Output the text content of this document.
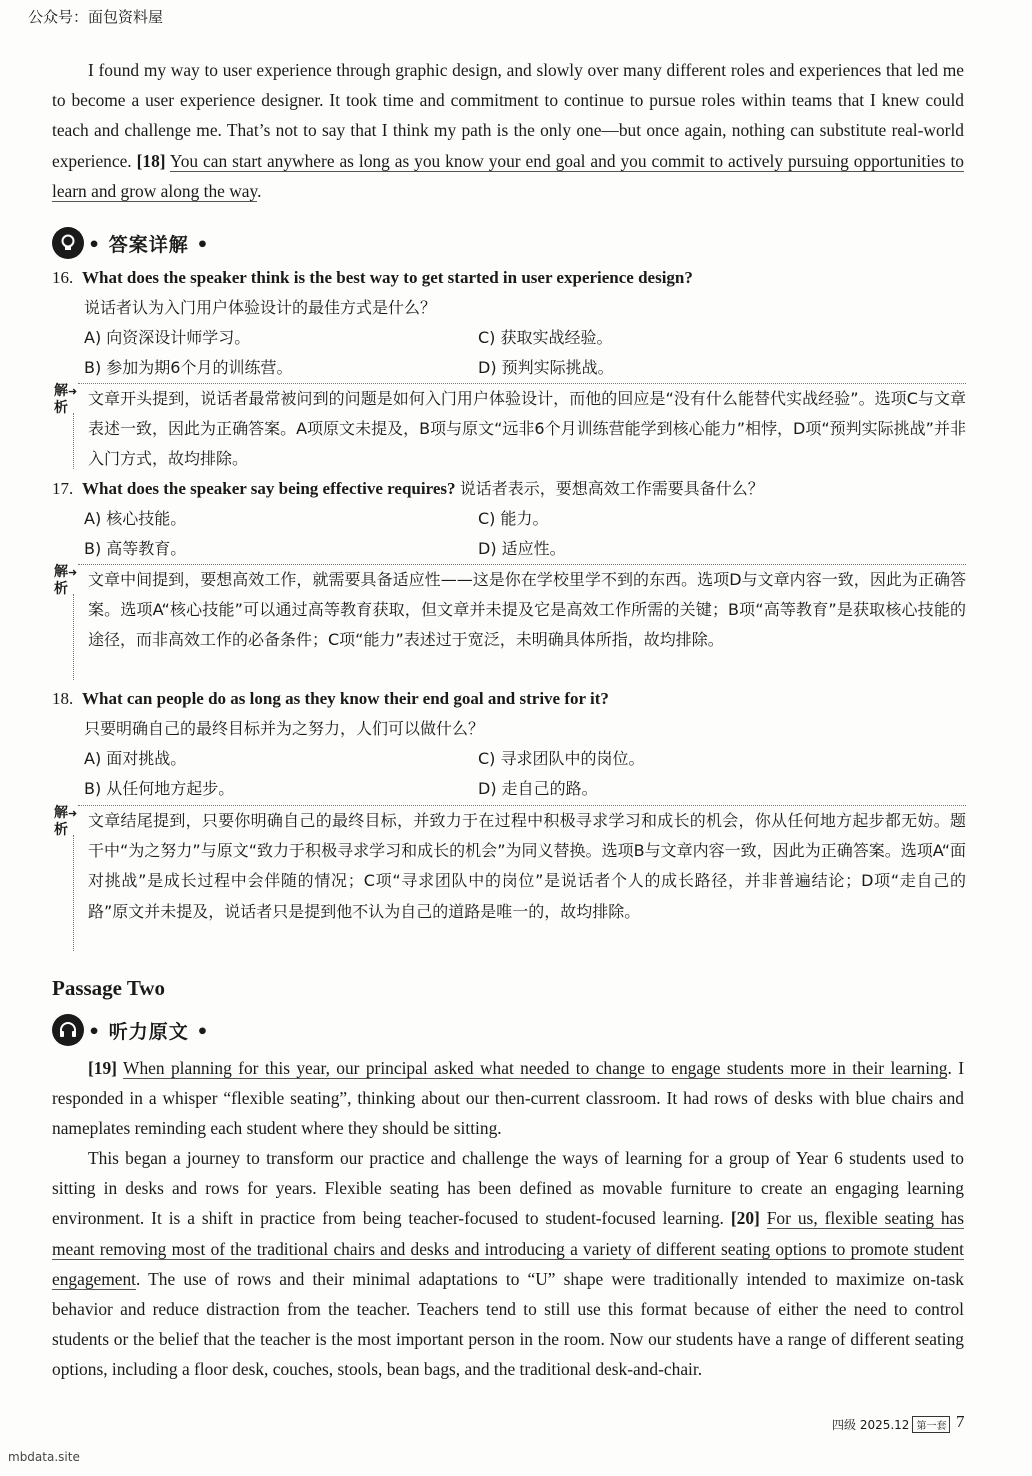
公众号：面包资料屋
I found my way to user experience through graphic design, and slowly over many different roles and experiences that led me to become a user experience designer. It took time and commitment to continue to pursue roles within teams that I knew could teach and challenge me. That’s not to say that I think my path is the only one—but once again, nothing can substitute real-world experience. [18] You can start anywhere as long as you know your end goal and you commit to actively pursuing opportunities to learn and grow along the way.
• 答案详解 •
16. What does the speaker think is the best way to get started in user experience design?
说话者认为入门用户体验设计的最佳方式是什么？
A) 向资深设计师学习。	C) 获取实战经验。
B) 参加为期6个月的训练营。	D) 预判实际挑战。
解析
➜ 文章开头提到，说话者最常被问到的问题是如何入门用户体验设计，而他的回应是“没有什么能替代实战经验”。选项C与文章表述一致，因此为正确答案。A项原文未提及，B项与原文“远非6个月训练营能学到核心能力”相悖，D项“预判实际挑战”并非入门方式，故均排除。
17. What does the speaker say being effective requires? 说话者表示，要想高效工作需要具备什么？
A) 核心技能。	C) 能力。
B) 高等教育。	D) 适应性。
解析
➜ 文章中间提到，要想高效工作，就需要具备适应性——这是你在学校里学不到的东西。选项D与文章内容一致，因此为正确答案。选项A“核心技能”可以通过高等教育获取，但文章并未提及它是高效工作所需的关键；B项“高等教育”是获取核心技能的途径，而非高效工作的必备条件；C项“能力”表述过于宽泛，未明确具体所指，故均排除。
18. What can people do as long as they know their end goal and strive for it?
只要明确自己的最终目标并为之努力，人们可以做什么？
A) 面对挑战。	C) 寻求团队中的岗位。
B) 从任何地方起步。	D) 走自己的路。
解析
➜ 文章结尾提到，只要你明确自己的最终目标，并致力于在过程中积极寻求学习和成长的机会，你从任何地方起步都无妨。题干中“为之努力”与原文“致力于积极寻求学习和成长的机会”为同义替换。选项B与文章内容一致，因此为正确答案。选项A“面对挑战”是成长过程中会伴随的情况；C项“寻求团队中的岗位”是说话者个人的成长路径，并非普遍结论；D项“走自己的路”原文并未提及，说话者只是提到他不认为自己的道路是唯一的，故均排除。
Passage Two
• 听力原文 •
[19] When planning for this year, our principal asked what needed to change to engage students more in their learning. I responded in a whisper “flexible seating”, thinking about our then-current classroom. It had rows of desks with blue chairs and nameplates reminding each student where they should be sitting.
This began a journey to transform our practice and challenge the ways of learning for a group of Year 6 students used to sitting in desks and rows for years. Flexible seating has been defined as movable furniture to create an engaging learning environment. It is a shift in practice from being teacher-focused to student-focused learning. [20] For us, flexible seating has meant removing most of the traditional chairs and desks and introducing a variety of different seating options to promote student engagement. The use of rows and their minimal adaptations to “U” shape were traditionally intended to maximize on-task behavior and reduce distraction from the teacher. Teachers tend to still use this format because of either the need to control students or the belief that the teacher is the most important person in the room. Now our students have a range of different seating options, including a floor desk, couches, stools, bean bags, and the traditional desk-and-chair.
四级 2025.12 第一套 7
mbdata.site
